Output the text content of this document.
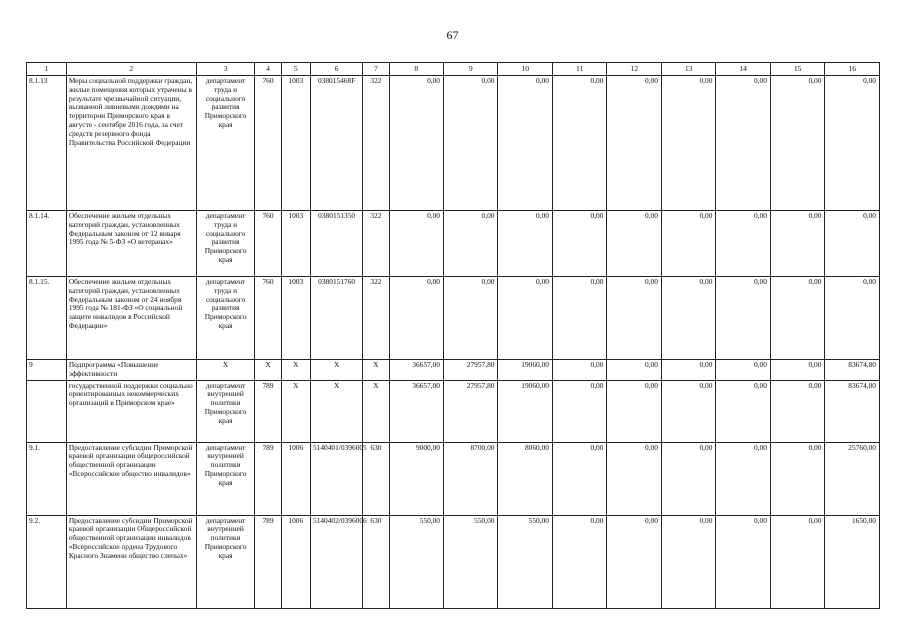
67
1	2	3	4	5	6	7	8	9	10	11	12	13	14	15	16
8.1.13	Меры социальной поддержки граждан, жилые помещения которых утрачены в результате чрезвычайной ситуации, вызванной ливневыми дождями на территории Приморского края в августе - сентябре 2016 года, за счет средств резервного фонда Правительства Российской Федерации	департамент труда и социального развития Приморского края	760	1003	038015468F	322	0,00	0,00	0,00	0,00	0,00	0,00	0,00	0,00	0,00
8.1.14.	Обеспечение жильем отдельных категорий граждан, установленных Федеральным законом от 12 января 1995 года № 5-ФЗ «О ветеранах»	департамент труда и социального развития Приморского края	760	1003	0380151350	322	0,00	0,00	0,00	0,00	0,00	0,00	0,00	0,00	0,00
8.1.15.	Обеспечение жильем отдельных категорий граждан, установленных Федеральным законом от 24 ноября 1995 года № 181-ФЗ «О социальной защите инвалидов в Российской Федерации»	департамент труда и социального развития Приморского края	760	1003	0380151760	322	0,00	0,00	0,00	0,00	0,00	0,00	0,00	0,00	0,00
9	Подпрограмма «Повышение эффективности	X	X	X	X	X	36657,00	27957,80	19060,00	0,00	0,00	0,00	0,00	0,00	83674,80
	государственной поддержки социально ориентированных некоммерческих организаций в Приморском крае»	департамент внутренней политики Приморского края	789	X	X	X	36657,00	27957,80	19060,00	0,00	0,00	0,00	0,00	0,00	83674,80
9.1.	Предоставление субсидии Приморской краевой организации общероссийской общественной организации «Всероссийское общество инвалидов»	департамент внутренней политики Приморского края	789	1006	5140401/0396005	630	9000,00	8700,00	8060,00	0,00	0,00	0,00	0,00	0,00	25760,00
9.2.	Предоставление субсидии Приморской краевой организации Общероссийской общественной организации инвалидов «Всероссийское ордена Трудового Красного Знамени общество слепых»	департамент внутренней политики Приморского края	789	1006	5140402/0396006	630	550,00	550,00	550,00	0,00	0,00	0,00	0,00	0,00	1650,00
